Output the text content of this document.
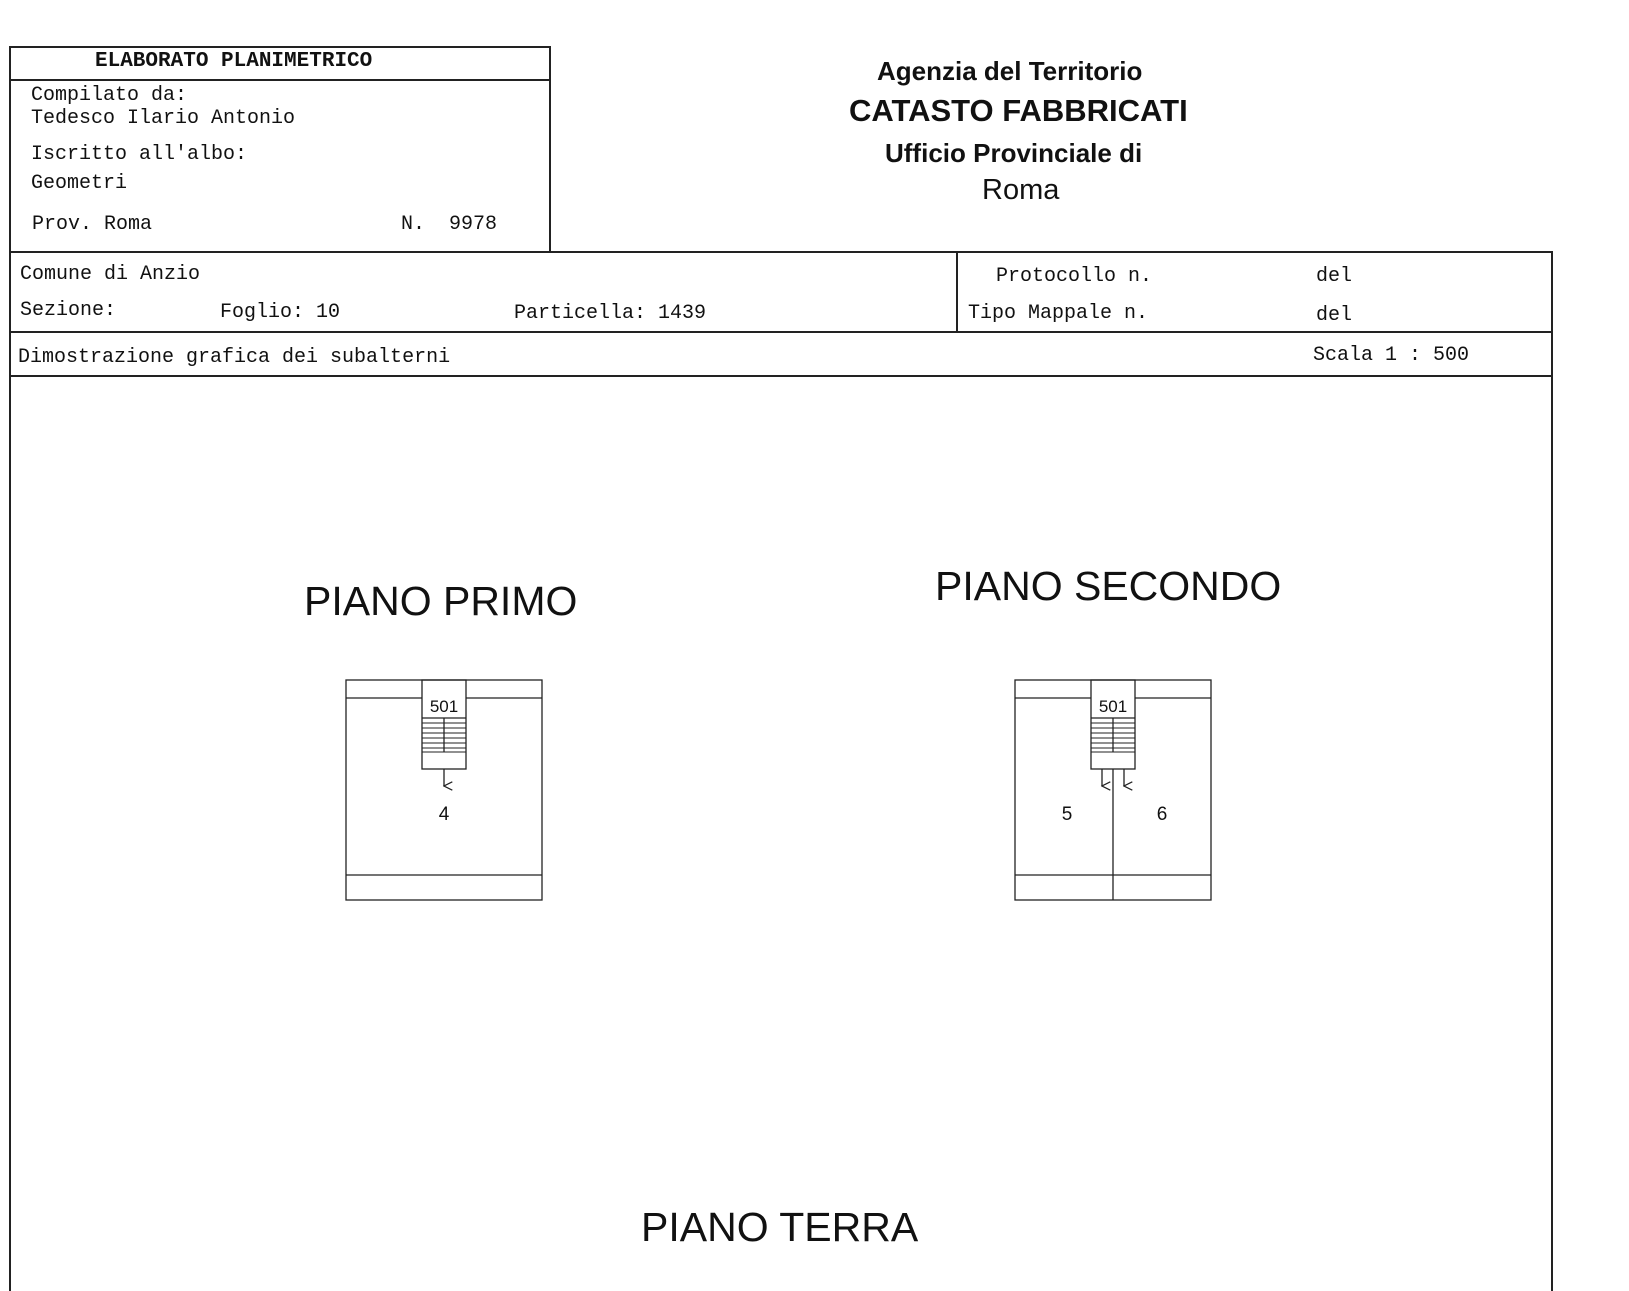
ELABORATO PLANIMETRICO
Compilato da:
Tedesco Ilario Antonio
Iscritto all'albo:
Geometri
Prov. Roma	N.  9978
Agenzia del Territorio
CATASTO FABBRICATI
Ufficio Provinciale di
Roma
Comune di Anzio
Sezione:	Foglio: 10	Particella: 1439
Protocollo n.	del
Tipo Mappale n.	del
Dimostrazione grafica dei subalterni	Scala 1 : 500
PIANO PRIMO	PIANO SECONDO
PIANO TERRA
501
4
501
5	6
